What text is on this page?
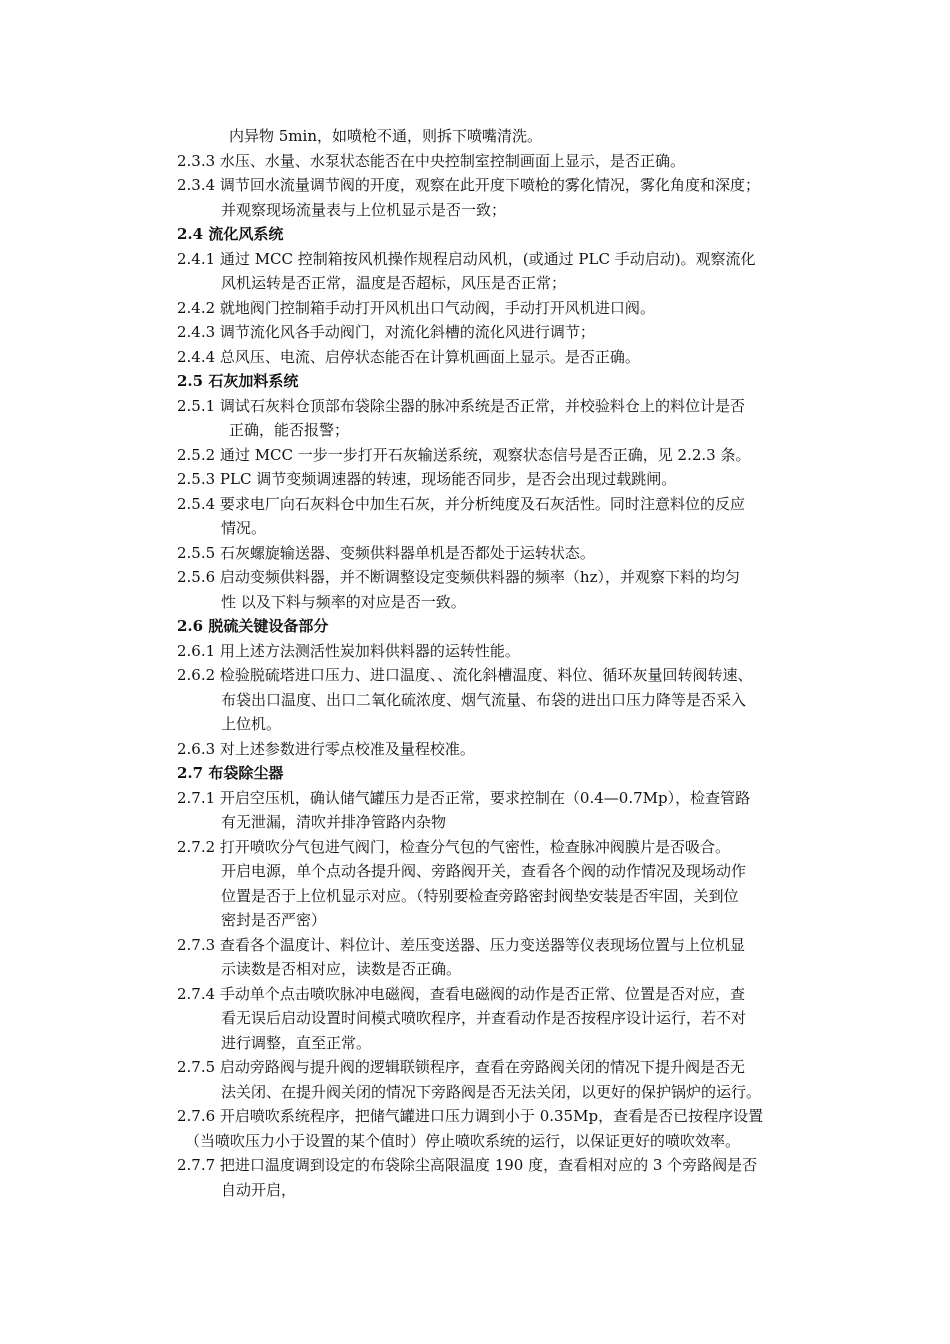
内异物 5min，如喷枪不通，则拆下喷嘴清洗。
2.3.3 水压、水量、水泵状态能否在中央控制室控制画面上显示，是否正确。
2.3.4 调节回水流量调节阀的开度，观察在此开度下喷枪的雾化情况，雾化角度和深度；
并观察现场流量表与上位机显示是否一致；
2.4 流化风系统
2.4.1 通过 MCC 控制箱按风机操作规程启动风机，(或通过 PLC 手动启动)。观察流化
风机运转是否正常，温度是否超标，风压是否正常；
2.4.2 就地阀门控制箱手动打开风机出口气动阀，手动打开风机进口阀。
2.4.3 调节流化风各手动阀门，对流化斜槽的流化风进行调节；
2.4.4 总风压、电流、启停状态能否在计算机画面上显示。是否正确。
2.5 石灰加料系统
2.5.1 调试石灰料仓顶部布袋除尘器的脉冲系统是否正常，并校验料仓上的料位计是否
正确，能否报警；
2.5.2 通过 MCC 一步一步打开石灰输送系统，观察状态信号是否正确，见 2.2.3 条。
2.5.3 PLC 调节变频调速器的转速，现场能否同步，是否会出现过载跳闸。
2.5.4 要求电厂向石灰料仓中加生石灰，并分析纯度及石灰活性。同时注意料位的反应
情况。
2.5.5 石灰螺旋输送器、变频供料器单机是否都处于运转状态。
2.5.6 启动变频供料器，并不断调整设定变频供料器的频率（hz），并观察下料的均匀
性 以及下料与频率的对应是否一致。
2.6 脱硫关键设备部分
2.6.1 用上述方法测活性炭加料供料器的运转性能。
2.6.2 检验脱硫塔进口压力、进口温度、、流化斜槽温度、料位、循环灰量回转阀转速、
布袋出口温度、出口二氧化硫浓度、烟气流量、布袋的进出口压力降等是否采入
上位机。
2.6.3 对上述参数进行零点校准及量程校准。
2.7 布袋除尘器
2.7.1 开启空压机，确认储气罐压力是否正常，要求控制在（0.4—0.7Mp），检查管路
有无泄漏，清吹并排净管路内杂物
2.7.2 打开喷吹分气包进气阀门，检查分气包的气密性，检查脉冲阀膜片是否吸合。
开启电源，单个点动各提升阀、旁路阀开关，查看各个阀的动作情况及现场动作
位置是否于上位机显示对应。（特别要检查旁路密封阀垫安装是否牢固，关到位
密封是否严密）
2.7.3 查看各个温度计、料位计、差压变送器、压力变送器等仪表现场位置与上位机显
示读数是否相对应，读数是否正确。
2.7.4 手动单个点击喷吹脉冲电磁阀，查看电磁阀的动作是否正常、位置是否对应，查
看无误后启动设置时间模式喷吹程序，并查看动作是否按程序设计运行，若不对
进行调整，直至正常。
2.7.5 启动旁路阀与提升阀的逻辑联锁程序，查看在旁路阀关闭的情况下提升阀是否无
法关闭、在提升阀关闭的情况下旁路阀是否无法关闭，以更好的保护锅炉的运行。
2.7.6 开启喷吹系统程序，把储气罐进口压力调到小于 0.35Mp，查看是否已按程序设置
（当喷吹压力小于设置的某个值时）停止喷吹系统的运行，以保证更好的喷吹效率。
2.7.7 把进口温度调到设定的布袋除尘高限温度 190 度，查看相对应的 3 个旁路阀是否
自动开启，
